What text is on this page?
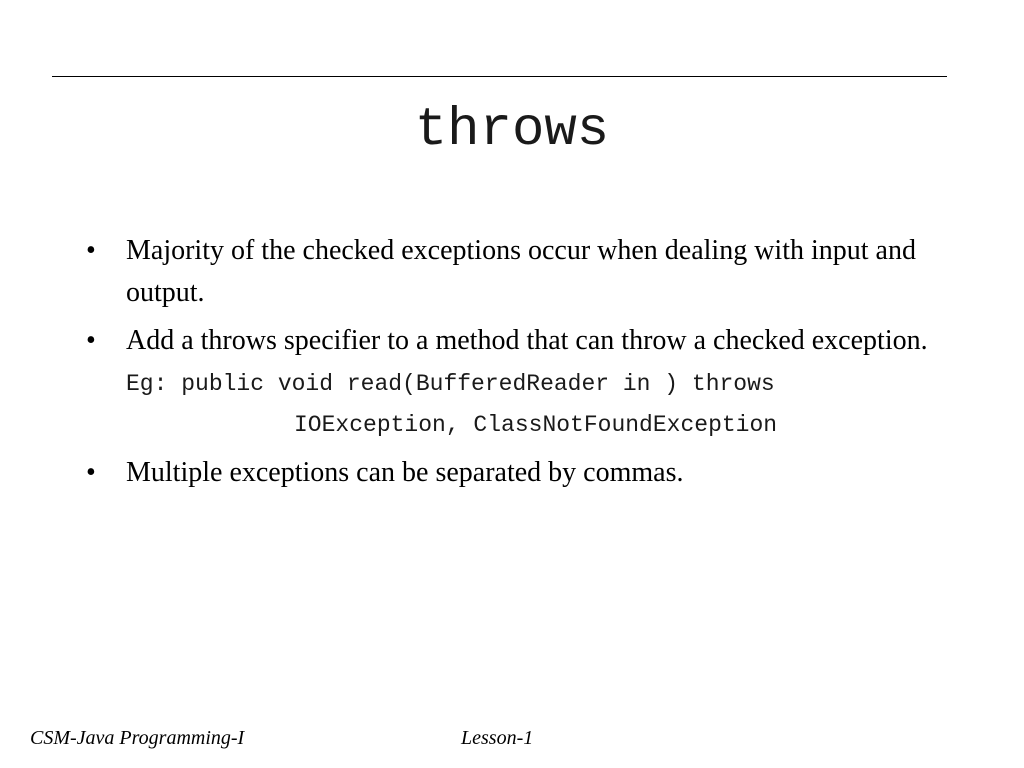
throws
•	Majority of the checked exceptions occur when dealing with input and output.
•	Add a throws specifier to a method that can throw a checked exception.
Eg: public void read(BufferedReader in ) throws
IOException, ClassNotFoundException
•	Multiple exceptions can be separated by commas.
CSM-Java Programming-I	Lesson-1
